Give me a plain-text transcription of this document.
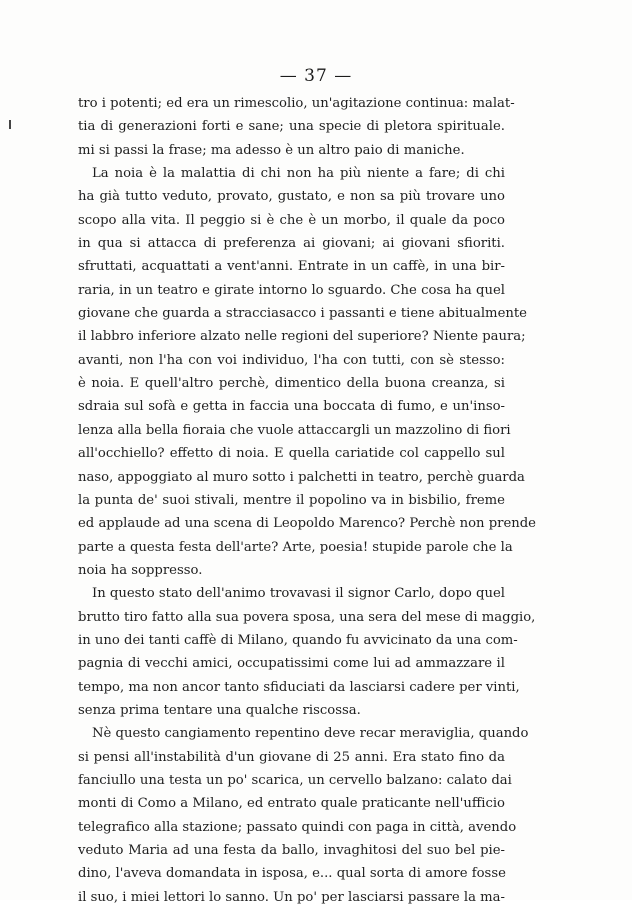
— 37 —
tro i potenti; ed era un rimescolio, un'agitazione continua: malat-
tia di generazioni forti e sane; una specie di pletora spirituale.
mi si passi la frase; ma adesso è un altro paio di maniche.
La noia è la malattia di chi non ha più niente a fare; di chi
ha già tutto veduto, provato, gustato, e non sa più trovare uno
scopo alla vita. Il peggio si è che è un morbo, il quale da poco
in qua si attacca di preferenza ai giovani; ai giovani sfioriti.
sfruttati, acquattati a vent'anni. Entrate in un caffè, in una bir-
raria, in un teatro e girate intorno lo sguardo. Che cosa ha quel
giovane che guarda a stracciasacco i passanti e tiene abitualmente
il labbro inferiore alzato nelle regioni del superiore? Niente paura;
avanti, non l'ha con voi individuo, l'ha con tutti, con sè stesso:
è noia. E quell'altro perchè, dimentico della buona creanza, si
sdraia sul sofà e getta in faccia una boccata di fumo, e un'inso-
lenza alla bella fioraia che vuole attaccargli un mazzolino di fiori
all'occhiello? effetto di noia. E quella cariatide col cappello sul
naso, appoggiato al muro sotto i palchetti in teatro, perchè guarda
la punta de' suoi stivali, mentre il popolino va in bisbilio, freme
ed applaude ad una scena di Leopoldo Marenco? Perchè non prende
parte a questa festa dell'arte? Arte, poesia! stupide parole che la
noia ha soppresso.
In questo stato dell'animo trovavasi il signor Carlo, dopo quel
brutto tiro fatto alla sua povera sposa, una sera del mese di maggio,
in uno dei tanti caffè di Milano, quando fu avvicinato da una com-
pagnia di vecchi amici, occupatissimi come lui ad ammazzare il
tempo, ma non ancor tanto sfiduciati da lasciarsi cadere per vinti,
senza prima tentare una qualche riscossa.
Nè questo cangiamento repentino deve recar meraviglia, quando
si pensi all'instabilità d'un giovane di 25 anni. Era stato fino da
fanciullo una testa un po' scarica, un cervello balzano: calato dai
monti di Como a Milano, ed entrato quale praticante nell'ufficio
telegrafico alla stazione; passato quindi con paga in città, avendo
veduto Maria ad una festa da ballo, invaghitosi del suo bel pie-
dino, l'aveva domandata in isposa, e... qual sorta di amore fosse
il suo, i miei lettori lo sanno. Un po' per lasciarsi passare la ma-
